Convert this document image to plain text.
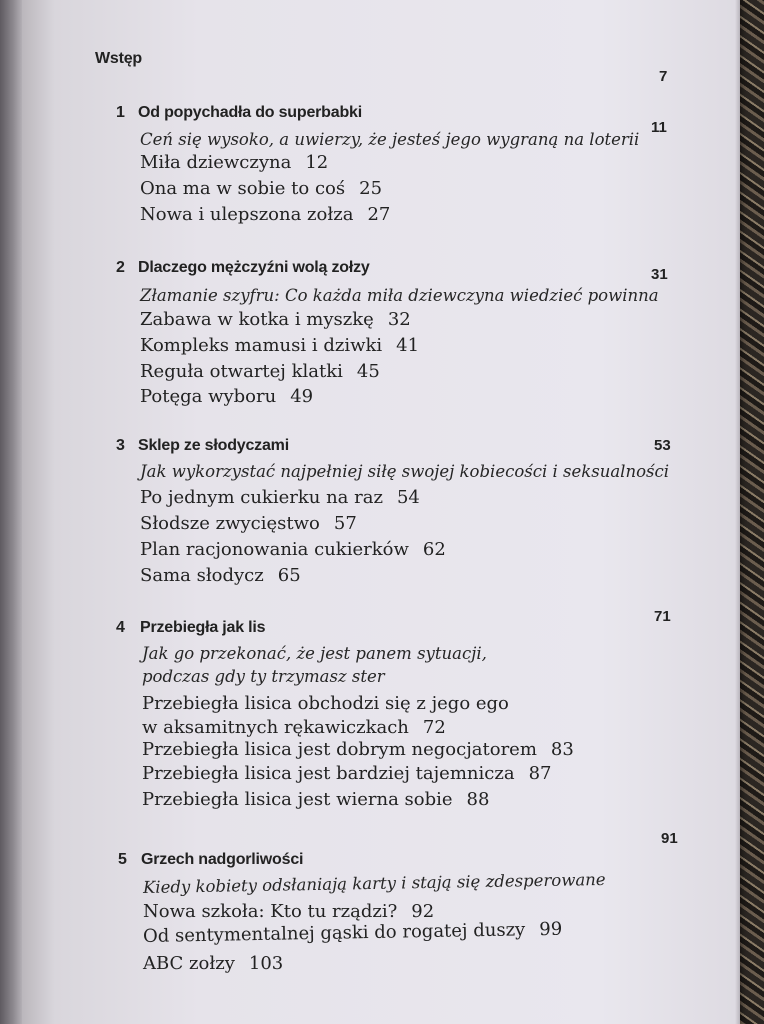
Wstęp
7
1 Od popychadła do superbabki
11
Ceń się wysoko, a uwierzy, że jesteś jego wygraną na loterii
Miła dziewczyna 12
Ona ma w sobie to coś 25
Nowa i ulepszona zołza 27
2 Dlaczego mężczyźni wolą zołzy	31
Złamanie szyfru: Co każda miła dziewczyna wiedzieć powinna
Zabawa w kotka i myszkę 32
Kompleks mamusi i dziwki 41
Reguła otwartej klatki 45
Potęga wyboru 49
3 Sklep ze słodyczami	53
Jak wykorzystać najpełniej siłę swojej kobiecości i seksualności
Po jednym cukierku na raz 54
Słodsze zwycięstwo 57
Plan racjonowania cukierków 62
Sama słodycz 65
4 Przebiegła jak lis
71
Jak go przekonać, że jest panem sytuacji,
podczas gdy ty trzymasz ster
Przebiegła lisica obchodzi się z jego ego
w aksamitnych rękawiczkach 72
Przebiegła lisica jest dobrym negocjatorem 83
Przebiegła lisica jest bardziej tajemnicza 87
Przebiegła lisica jest wierna sobie 88
5 Grzech nadgorliwości
91
Kiedy kobiety odsłaniają karty i stają się zdesperowane
Nowa szkoła: Kto tu rządzi? 92
Od sentymentalnej gąski do rogatej duszy 99
ABC zołzy 103
